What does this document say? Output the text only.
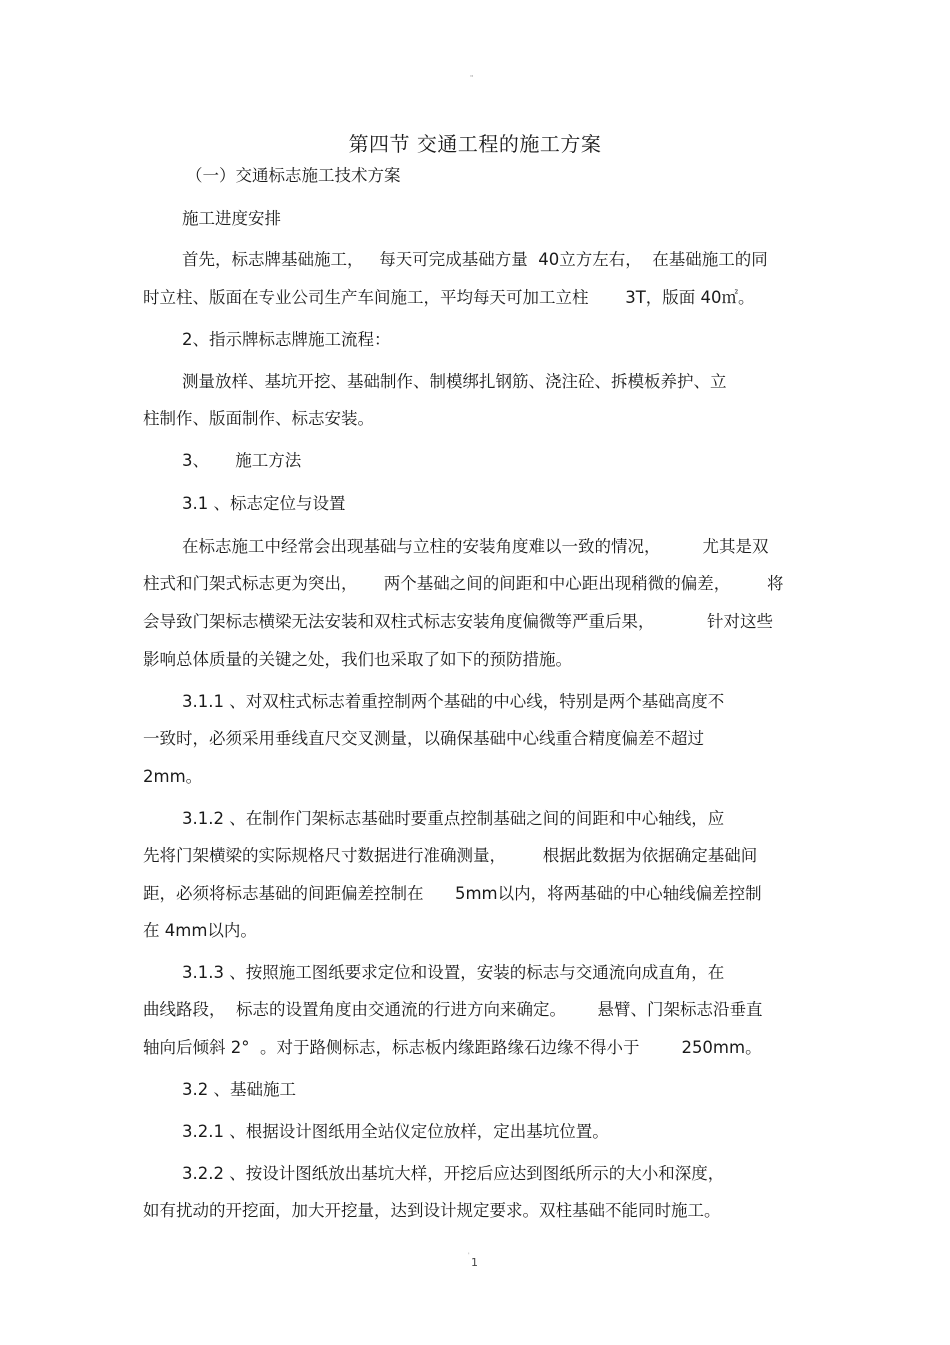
"
第四节 交通工程的施工方案

（一）交通标志施工技术方案

施工进度安排

首先，标志牌基础施工，   每天可完成基础方量  40立方左右，  在基础施工的同

时立柱、版面在专业公司生产车间施工，平均每天可加工立柱       3T，版面 40㎡。

2、指示牌标志牌施工流程：

测量放样、基坑开挖、基础制作、制模绑扎钢筋、浇注砼、拆模板养护、立

柱制作、版面制作、标志安装。

3、     施工方法

3.1 、标志定位与设置

在标志施工中经常会出现基础与立柱的安装角度难以一致的情况，        尤其是双

柱式和门架式标志更为突出，     两个基础之间的间距和中心距出现稍微的偏差，       将

会导致门架标志横梁无法安装和双柱式标志安装角度偏微等严重后果，          针对这些

影响总体质量的关键之处，我们也采取了如下的预防措施。

3.1.1 、对双柱式标志着重控制两个基础的中心线，特别是两个基础高度不

一致时，必须采用垂线直尺交叉测量，以确保基础中心线重合精度偏差不超过

2mm。

3.1.2 、在制作门架标志基础时要重点控制基础之间的间距和中心轴线，应

先将门架横梁的实际规格尺寸数据进行准确测量，       根据此数据为依据确定基础间

距，必须将标志基础的间距偏差控制在      5mm以内，将两基础的中心轴线偏差控制

在 4mm以内。

3.1.3 、按照施工图纸要求定位和设置，安装的标志与交通流向成直角，在

曲线路段，  标志的设置角度由交通流的行进方向来确定。      悬臂、门架标志沿垂直

轴向后倾斜 2°  。对于路侧标志，标志板内缘距路缘石边缘不得小于        250mm。

3.2 、基础施工

3.2.1 、根据设计图纸用全站仪定位放样，定出基坑位置。

3.2.2 、按设计图纸放出基坑大样，开挖后应达到图纸所示的大小和深度，

如有扰动的开挖面，加大开挖量，达到设计规定要求。双柱基础不能同时施工。

'
1
